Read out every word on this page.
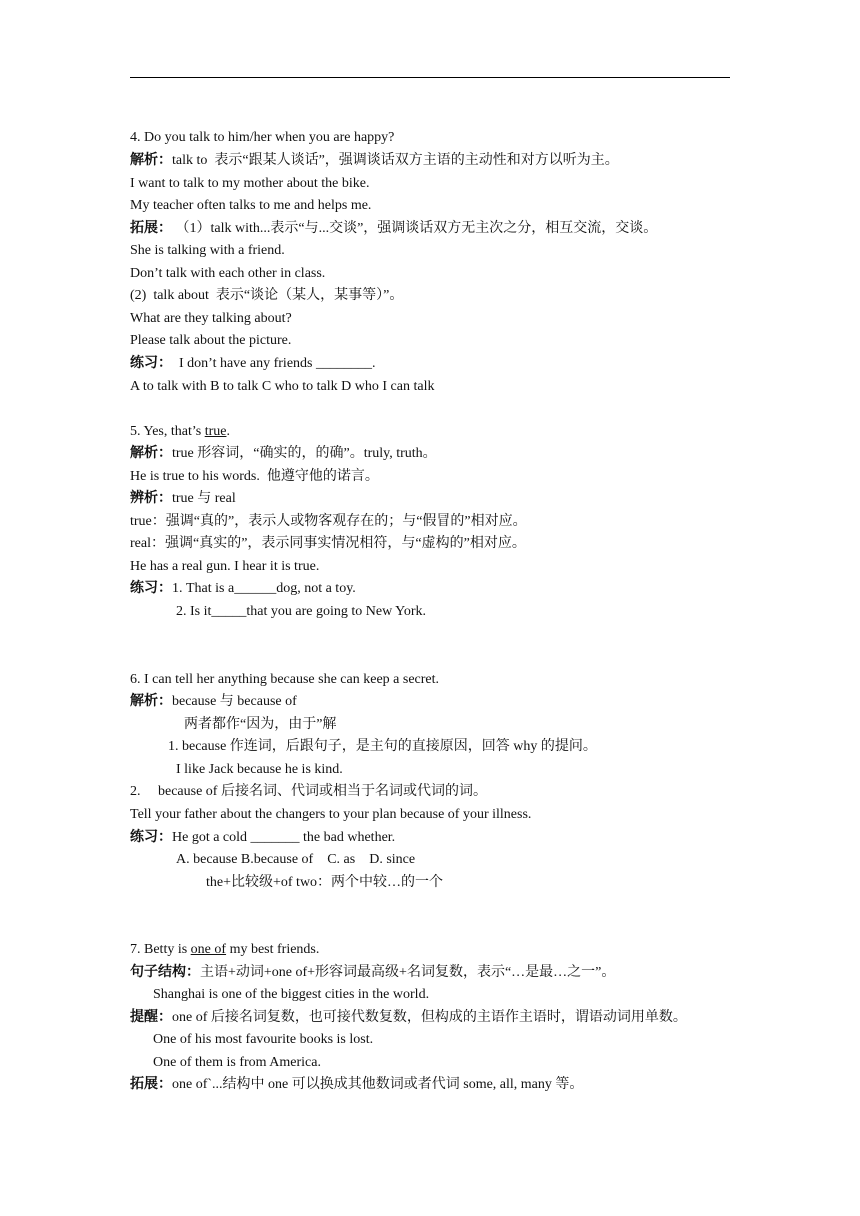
4. Do you talk to him/her when you are happy?
解析：talk to  表示“跟某人谈话”，强调谈话双方主语的主动性和对方以听为主。
I want to talk to my mother about the bike.
My teacher often talks to me and helps me.
拓展： （1）talk with...表示“与...交谈”，强调谈话双方无主次之分，相互交流，交谈。
She is talking with a friend.
Don’t talk with each other in class.
(2)  talk about  表示“谈论（某人，某事等）”。
What are they talking about?
Please talk about the picture.
练习：  I don’t have any friends ________.
A to talk with B to talk C who to talk D who I can talk
5. Yes, that’s true.
解析：true 形容词，“确实的，的确”。truly, truth。
He is true to his words.  他遵守他的诺言。
辨析：true 与 real
true：强调“真的”，表示人或物客观存在的；与“假冒的”相对应。
real：强调“真实的”，表示同事实情况相符，与“虚构的”相对应。
He has a real gun. I hear it is true.
练习：1. That is a______dog, not a toy.
2. Is it_____that you are going to New York.
6. I can tell her anything because she can keep a secret.
解析：because 与 because of
两者都作“因为，由于”解
1. because 作连词，后跟句子，是主句的直接原因，回答 why 的提问。
I like Jack because he is kind.
2.     because of 后接名词、代词或相当于名词或代词的词。
Tell your father about the changers to your plan because of your illness.
练习：He got a cold _______ the bad whether.
A. because B.because of    C. as    D. since
the+比较级+of two：两个中较…的一个
7. Betty is one of my best friends.
句子结构：主语+动词+one of+形容词最高级+名词复数，表示“…是最…之一”。
Shanghai is one of the biggest cities in the world.
提醒：one of 后接名词复数，也可接代数复数，但构成的主语作主语时，谓语动词用单数。
One of his most favourite books is lost.
One of them is from America.
拓展：one of`...结构中 one 可以换成其他数词或者代词 some, all, many 等。
